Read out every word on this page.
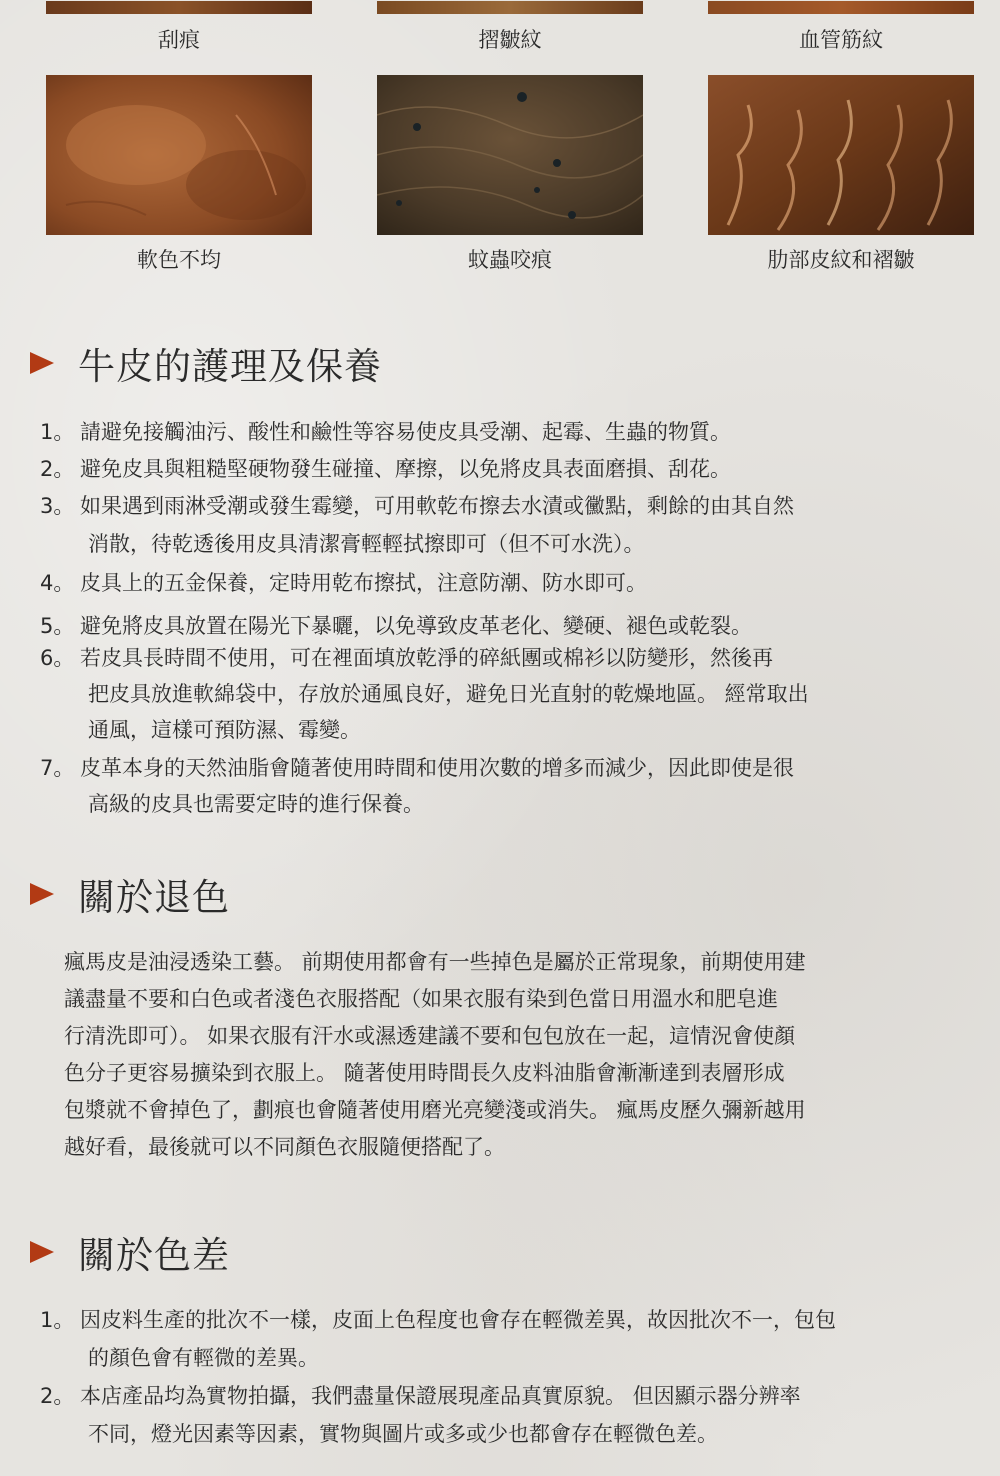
刮痕	摺皺紋	血管筋紋
軟色不均	蚊蟲咬痕	肋部皮紋和褶皺
牛皮的護理及保養
1。 請避免接觸油污、酸性和鹼性等容易使皮具受潮、起霉、生蟲的物質。
2。 避免皮具與粗糙堅硬物發生碰撞、摩擦，以免將皮具表面磨損、刮花。
3。 如果遇到雨淋受潮或發生霉變，可用軟乾布擦去水漬或黴點，剩餘的由其自然
消散，待乾透後用皮具清潔膏輕輕拭擦即可（但不可水洗）。
4。 皮具上的五金保養，定時用乾布擦拭，注意防潮、防水即可。
5。 避免將皮具放置在陽光下暴曬，以免導致皮革老化、變硬、褪色或乾裂。
6。 若皮具長時間不使用，可在裡面填放乾淨的碎紙團或棉衫以防變形，然後再
把皮具放進軟綿袋中，存放於通風良好，避免日光直射的乾燥地區。 經常取出
通風，這樣可預防濕、霉變。
7。 皮革本身的天然油脂會隨著使用時間和使用次數的增多而減少，因此即使是很
高級的皮具也需要定時的進行保養。
關於退色
瘋馬皮是油浸透染工藝。 前期使用都會有一些掉色是屬於正常現象，前期使用建
議盡量不要和白色或者淺色衣服搭配（如果衣服有染到色當日用溫水和肥皂進
行清洗即可）。 如果衣服有汗水或濕透建議不要和包包放在一起，這情況會使顏
色分子更容易擴染到衣服上。 隨著使用時間長久皮料油脂會漸漸達到表層形成
包漿就不會掉色了，劃痕也會隨著使用磨光亮變淺或消失。 瘋馬皮歷久彌新越用
越好看，最後就可以不同顏色衣服隨便搭配了。
關於色差
1。 因皮料生產的批次不一樣，皮面上色程度也會存在輕微差異，故因批次不一，包包
的顏色會有輕微的差異。
2。 本店產品均為實物拍攝，我們盡量保證展現產品真實原貌。 但因顯示器分辨率
不同，燈光因素等因素，實物與圖片或多或少也都會存在輕微色差。
